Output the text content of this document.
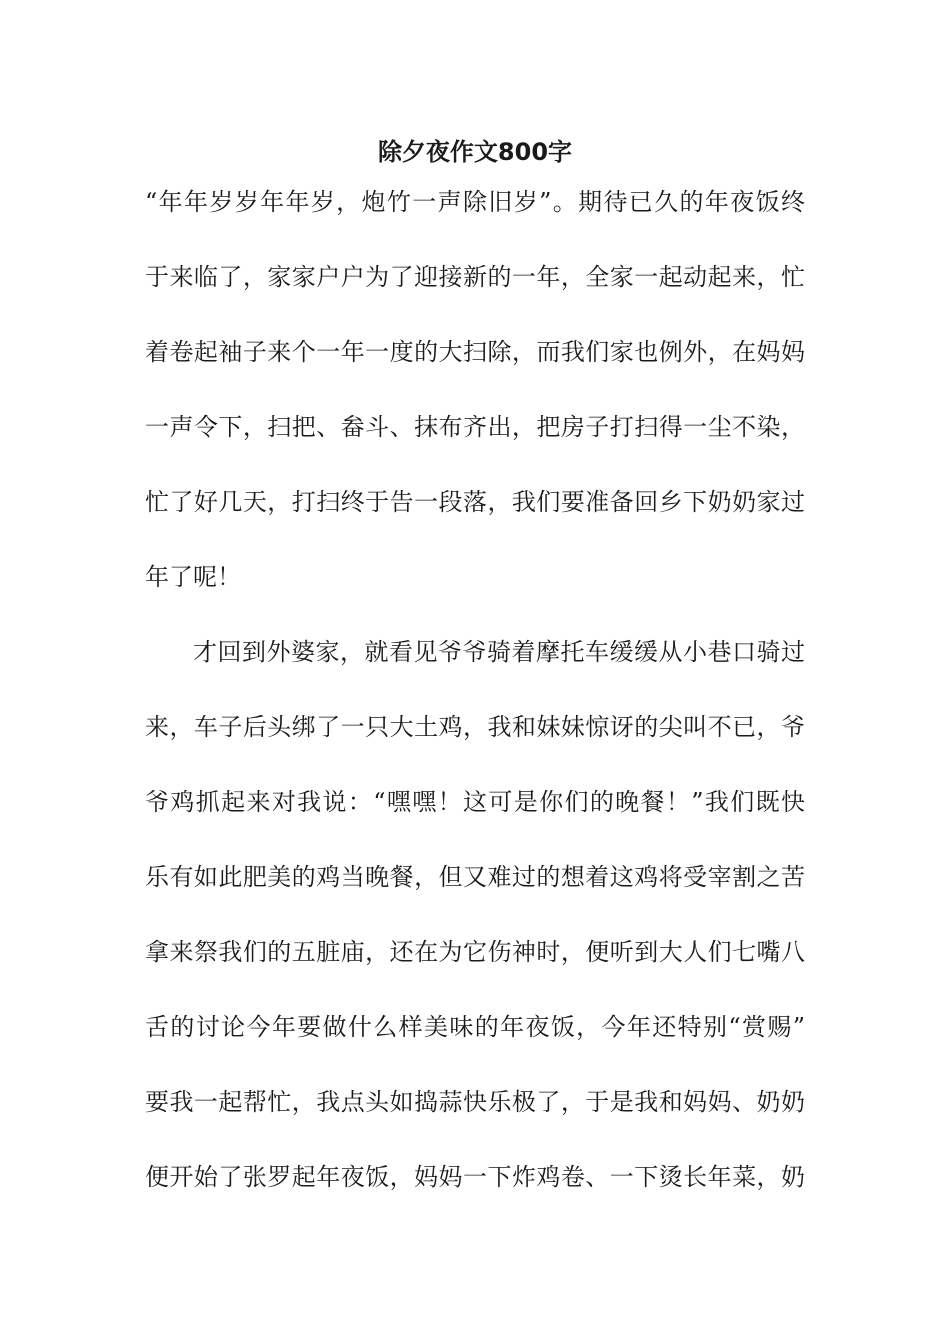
除夕夜作文800字
“年年岁岁年年岁，炮竹一声除旧岁”。期待已久的年夜饭终
于来临了，家家户户为了迎接新的一年，全家一起动起来，忙
着卷起袖子来个一年一度的大扫除，而我们家也例外，在妈妈
一声令下，扫把、畚斗、抹布齐出，把房子打扫得一尘不染，
忙了好几天，打扫终于告一段落，我们要准备回乡下奶奶家过
年了呢！
才回到外婆家，就看见爷爷骑着摩托车缓缓从小巷口骑过
来，车子后头绑了一只大土鸡，我和妹妹惊讶的尖叫不已，爷
爷鸡抓起来对我说：“嘿嘿！这可是你们的晚餐！”我们既快
乐有如此肥美的鸡当晚餐，但又难过的想着这鸡将受宰割之苦
拿来祭我们的五脏庙，还在为它伤神时，便听到大人们七嘴八
舌的讨论今年要做什么样美味的年夜饭，今年还特别“赏赐”
要我一起帮忙，我点头如捣蒜快乐极了，于是我和妈妈、奶奶
便开始了张罗起年夜饭，妈妈一下炸鸡卷、一下烫长年菜，奶
